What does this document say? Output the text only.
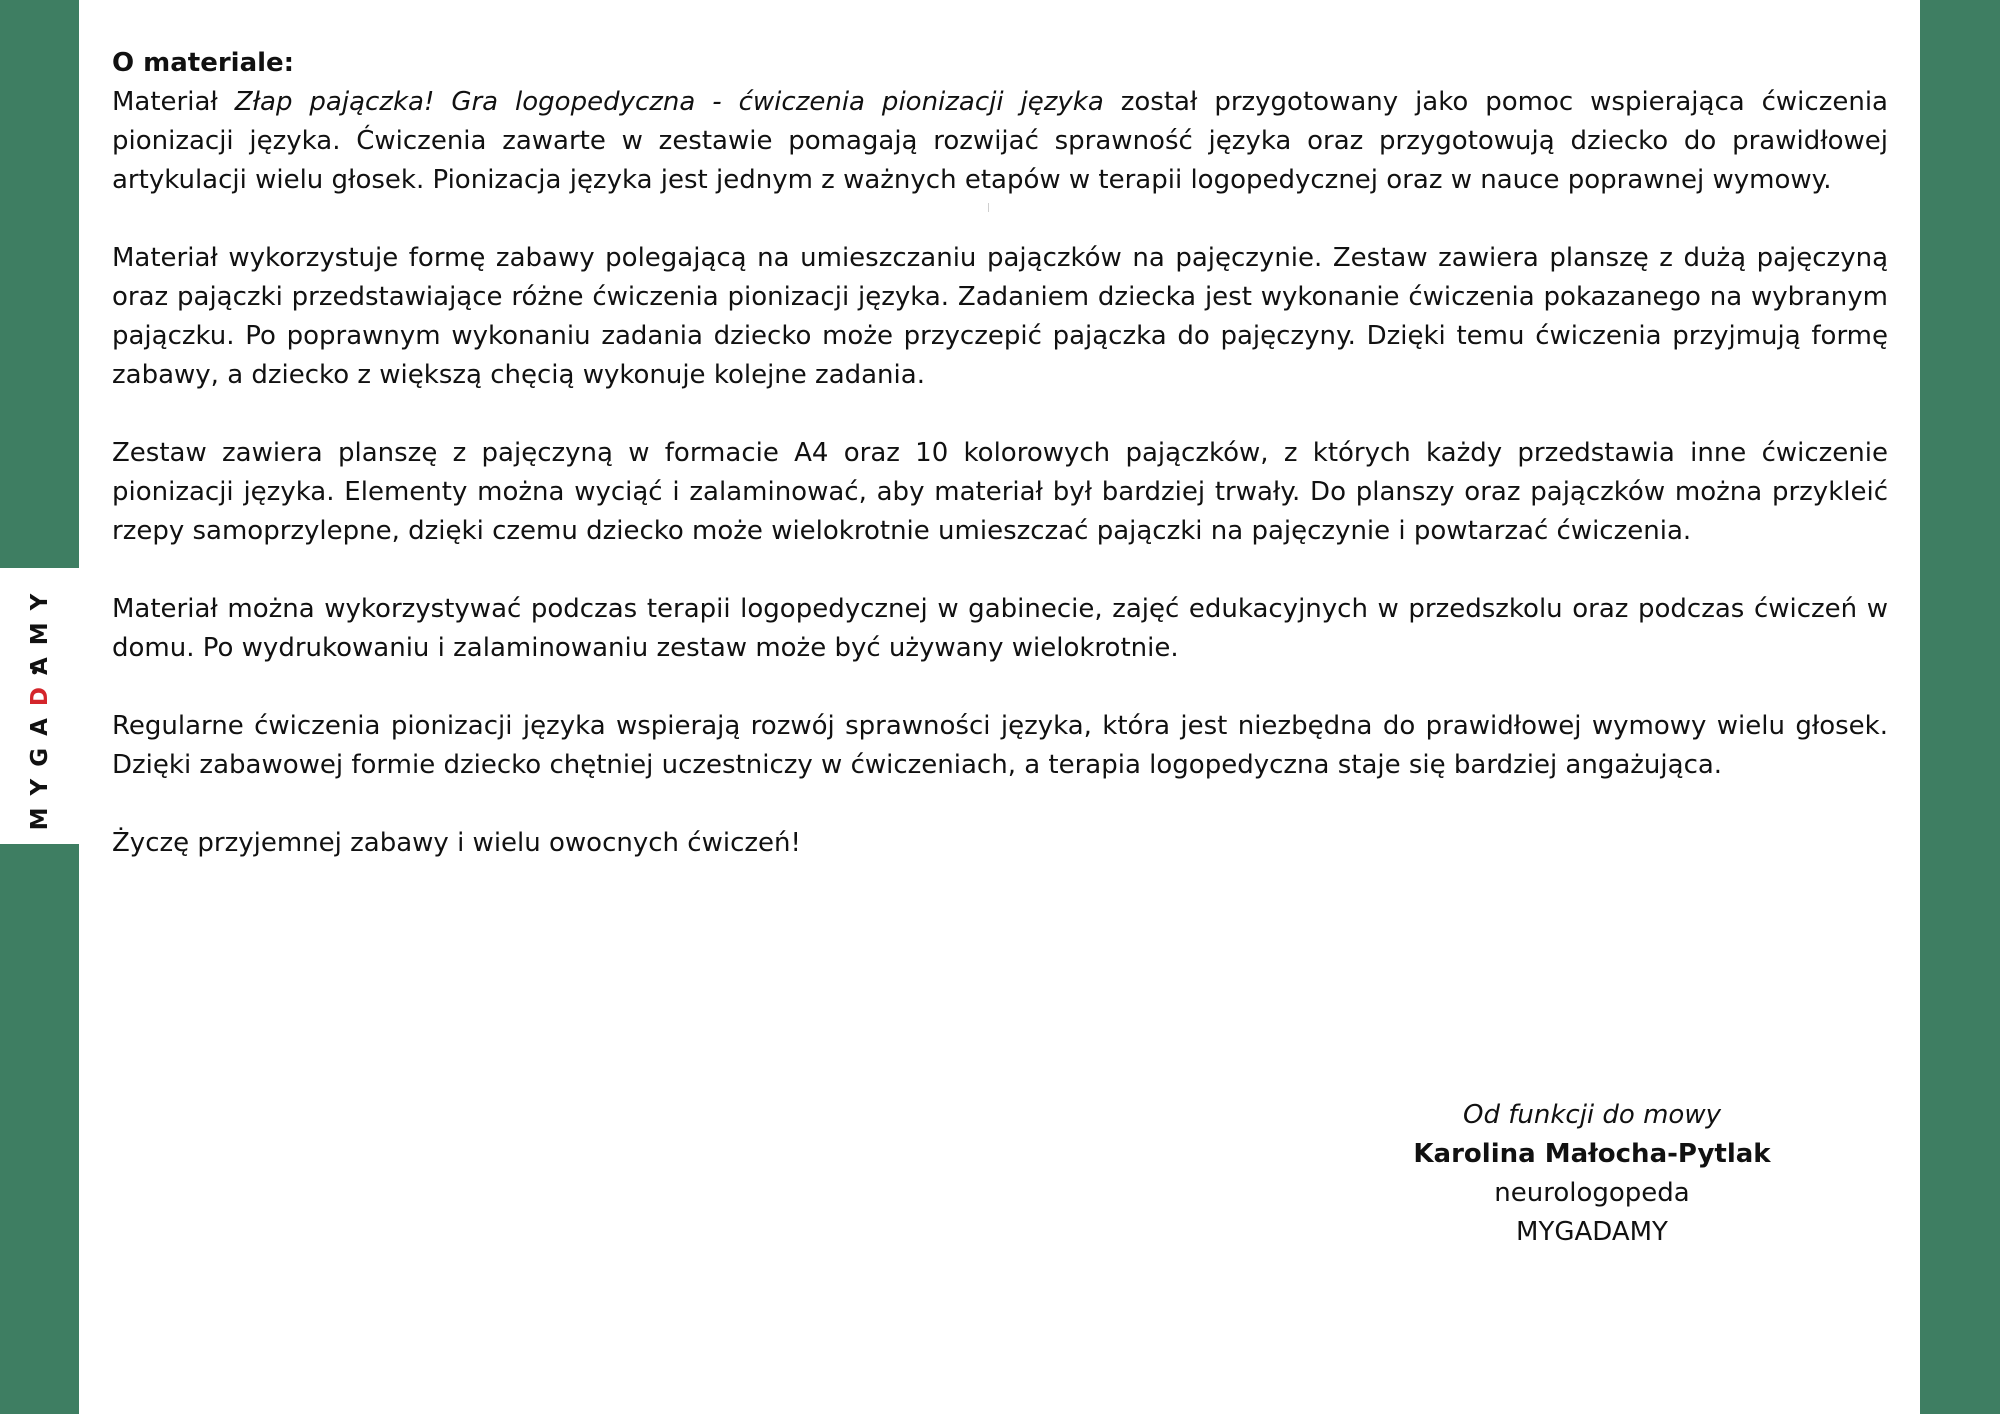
MYGADAMY

O materiale:

Materiał Złap pajączka! Gra logopedyczna - ćwiczenia pionizacji języka został przygotowany jako pomoc wspierająca ćwiczenia pionizacji języka. Ćwiczenia zawarte w zestawie pomagają rozwijać sprawność języka oraz przygotowują dziecko do prawidłowej artykulacji wielu głosek. Pionizacja języka jest jednym z ważnych etapów w terapii logopedycznej oraz w nauce poprawnej wymowy.

Materiał wykorzystuje formę zabawy polegającą na umieszczaniu pajączków na pajęczynie. Zestaw zawiera planszę z dużą pajęczyną oraz pajączki przedstawiające różne ćwiczenia pionizacji języka. Zadaniem dziecka jest wykonanie ćwiczenia pokazanego na wybranym pajączku. Po poprawnym wykonaniu zadania dziecko może przyczepić pajączka do pajęczyny. Dzięki temu ćwiczenia przyjmują formę zabawy, a dziecko z większą chęcią wykonuje kolejne zadania.

Zestaw zawiera planszę z pajęczyną w formacie A4 oraz 10 kolorowych pajączków, z których każdy przedstawia inne ćwiczenie pionizacji języka. Elementy można wyciąć i zalaminować, aby materiał był bardziej trwały. Do planszy oraz pajączków można przykleić rzepy samoprzylepne, dzięki czemu dziecko może wielokrotnie umieszczać pajączki na pajęczynie i powtarzać ćwiczenia.

Materiał można wykorzystywać podczas terapii logopedycznej w gabinecie, zajęć edukacyjnych w przedszkolu oraz podczas ćwiczeń w domu. Po wydrukowaniu i zalaminowaniu zestaw może być używany wielokrotnie.

Regularne ćwiczenia pionizacji języka wspierają rozwój sprawności języka, która jest niezbędna do prawidłowej wymowy wielu głosek. Dzięki zabawowej formie dziecko chętniej uczestniczy w ćwiczeniach, a terapia logopedyczna staje się bardziej angażująca.

Życzę przyjemnej zabawy i wielu owocnych ćwiczeń!

Od funkcji do mowy
Karolina Małocha-Pytlak
neurologopeda
MYGADAMY
